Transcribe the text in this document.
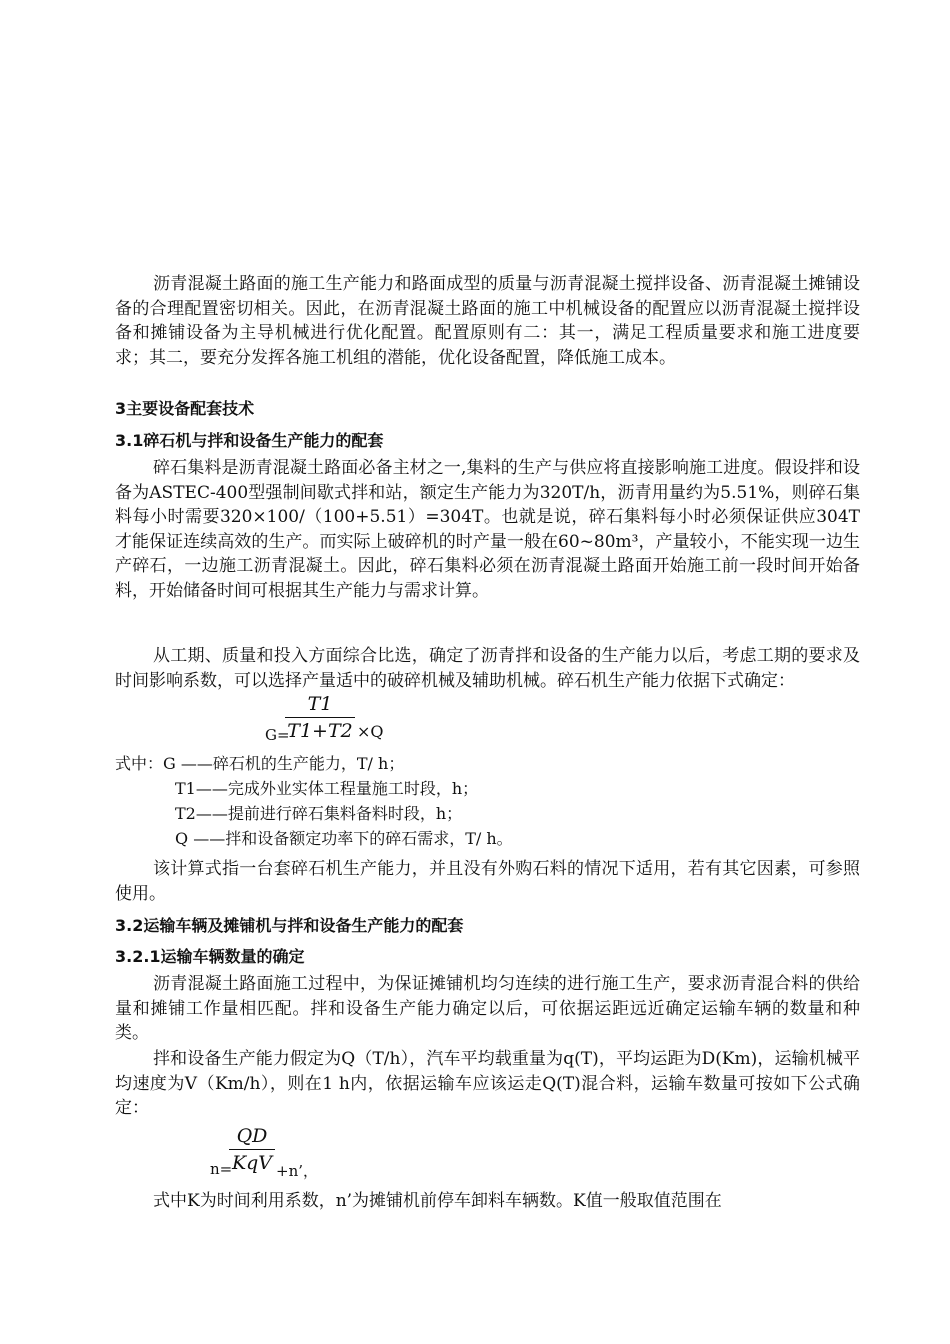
沥青混凝土路面的施工生产能力和路面成型的质量与沥青混凝土搅拌设备、沥青混凝土摊铺设备的合理配置密切相关。因此，在沥青混凝土路面的施工中机械设备的配置应以沥青混凝土搅拌设备和摊铺设备为主导机械进行优化配置。配置原则有二：其一，满足工程质量要求和施工进度要求；其二，要充分发挥各施工机组的潜能，优化设备配置，降低施工成本。

3主要设备配套技术

3.1碎石机与拌和设备生产能力的配套

碎石集料是沥青混凝土路面必备主材之一,集料的生产与供应将直接影响施工进度。假设拌和设备为ASTEC-400型强制间歇式拌和站，额定生产能力为320T/h，沥青用量约为5.51%，则碎石集料每小时需要320×100/（100+5.51）=304T。也就是说，碎石集料每小时必须保证供应304T才能保证连续高效的生产。而实际上破碎机的时产量一般在60~80m³，产量较小，不能实现一边生产碎石，一边施工沥青混凝土。因此，碎石集料必须在沥青混凝土路面开始施工前一段时间开始备料，开始储备时间可根据其生产能力与需求计算。

从工期、质量和投入方面综合比选，确定了沥青拌和设备的生产能力以后，考虑工期的要求及时间影响系数，可以选择产量适中的破碎机械及辅助机械。碎石机生产能力依据下式确定：

G=
T1
T1+T2 ×Q
式中：G ——碎石机的生产能力，T/ h；
T1——完成外业实体工程量施工时段，h；
T2——提前进行碎石集料备料时段，h；
Q ——拌和设备额定功率下的碎石需求，T/ h。

该计算式指一台套碎石机生产能力，并且没有外购石料的情况下适用，若有其它因素，可参照使用。

3.2运输车辆及摊铺机与拌和设备生产能力的配套

3.2.1运输车辆数量的确定

沥青混凝土路面施工过程中，为保证摊铺机均匀连续的进行施工生产，要求沥青混合料的供给量和摊铺工作量相匹配。拌和设备生产能力确定以后，可依据运距远近确定运输车辆的数量和种类。

拌和设备生产能力假定为Q（T/h），汽车平均载重量为q(T)，平均运距为D(Km)，运输机械平均速度为V（Km/h），则在1 h内，依据运输车应该运走Q(T)混合料，运输车数量可按如下公式确定：

n=
QD
KqV +n’，

式中K为时间利用系数，n’为摊铺机前停车卸料车辆数。K值一般取值范围在
